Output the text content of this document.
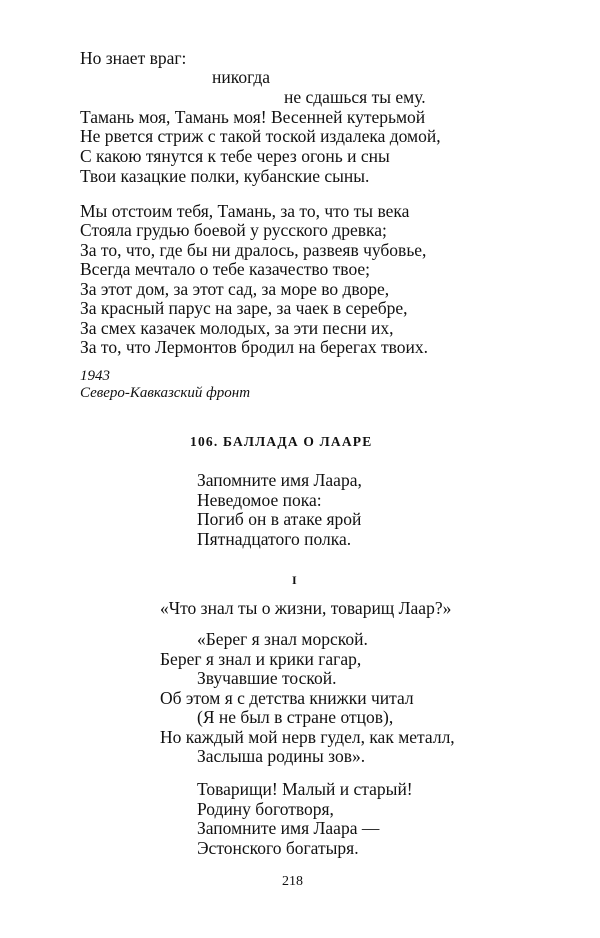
Но знает враг:
никогда
не сдашься ты ему.
Тамань моя, Тамань моя! Весенней кутерьмой
Не рвется стриж с такой тоской издалека домой,
С какою тянутся к тебе через огонь и сны
Твои казацкие полки, кубанские сыны.
Мы отстоим тебя, Тамань, за то, что ты века
Стояла грудью боевой у русского древка;
За то, что, где бы ни дралось, развеяв чубовье,
Всегда мечтало о тебе казачество твое;
За этот дом, за этот сад, за море во дворе,
За красный парус на заре, за чаек в серебре,
За смех казачек молодых, за эти песни их,
За то, что Лермонтов бродил на берегах твоих.
1943
Северо-Кавказский фронт
106. БАЛЛАДА О ЛААРЕ
Запомните имя Лаара,
Неведомое пока:
Погиб он в атаке ярой
Пятнадцатого полка.
I
«Что знал ты о жизни, товарищ Лаар?»
«Берег я знал морской.
Берег я знал и крики гагар,
Звучавшие тоской.
Об этом я с детства книжки читал
(Я не был в стране отцов),
Но каждый мой нерв гудел, как металл,
Заслыша родины зов».
Товарищи! Малый и старый!
Родину боготворя,
Запомните имя Лаара —
Эстонского богатыря.
218
